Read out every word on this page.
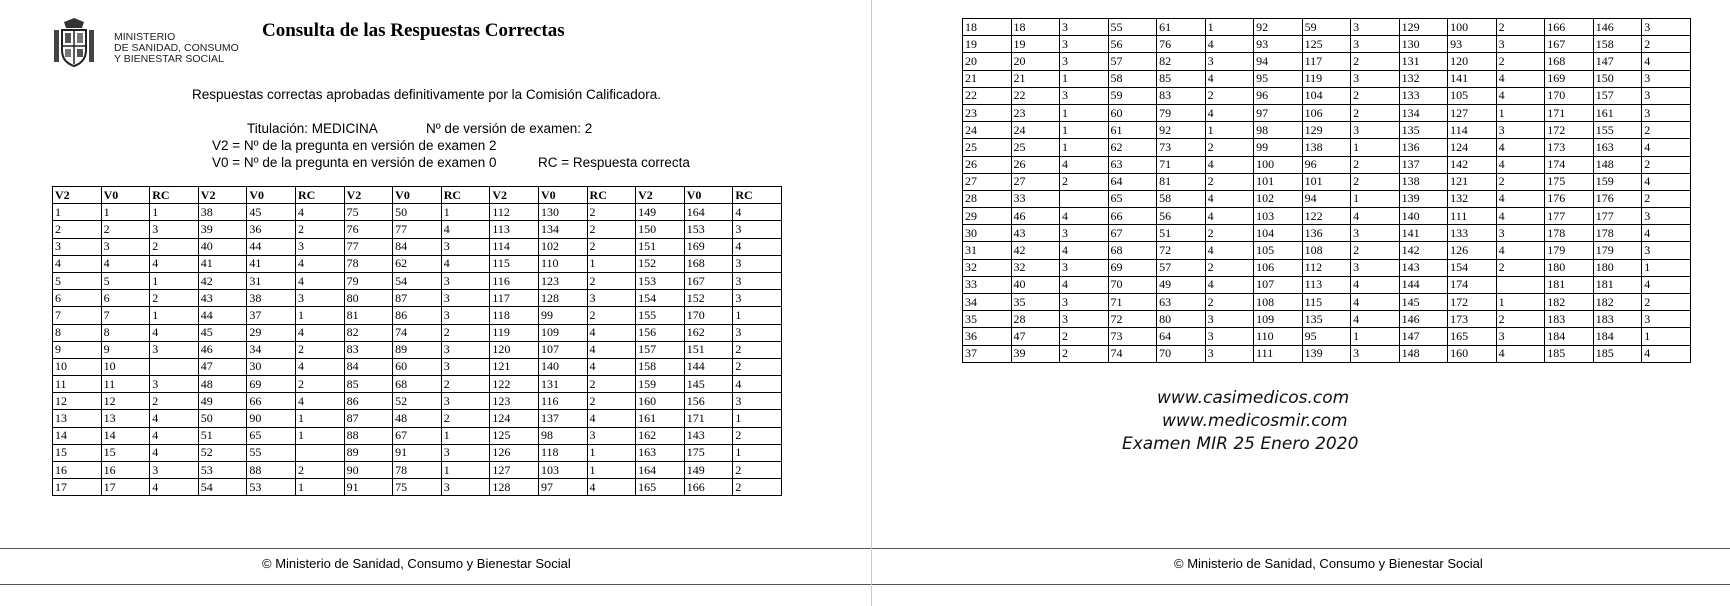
MINISTERIO
DE SANIDAD, CONSUMO
Y BIENESTAR SOCIAL
Consulta de las Respuestas Correctas
Respuestas correctas aprobadas definitivamente por la Comisión Calificadora.
Titulación: MEDICINA	Nº de versión de examen: 2
V2 = Nº de la pregunta en versión de examen 2
V0 = Nº de la pregunta en versión de examen 0	RC = Respuesta correcta
V2	V0	RC	V2	V0	RC	V2	V0	RC	V2	V0	RC	V2	V0	RC
1	1	1	38	45	4	75	50	1	112	130	2	149	164	4
2	2	3	39	36	2	76	77	4	113	134	2	150	153	3
3	3	2	40	44	3	77	84	3	114	102	2	151	169	4
4	4	4	41	41	4	78	62	4	115	110	1	152	168	3
5	5	1	42	31	4	79	54	3	116	123	2	153	167	3
6	6	2	43	38	3	80	87	3	117	128	3	154	152	3
7	7	1	44	37	1	81	86	3	118	99	2	155	170	1
8	8	4	45	29	4	82	74	2	119	109	4	156	162	3
9	9	3	46	34	2	83	89	3	120	107	4	157	151	2
10	10		47	30	4	84	60	3	121	140	4	158	144	2
11	11	3	48	69	2	85	68	2	122	131	2	159	145	4
12	12	2	49	66	4	86	52	3	123	116	2	160	156	3
13	13	4	50	90	1	87	48	2	124	137	4	161	171	1
14	14	4	51	65	1	88	67	1	125	98	3	162	143	2
15	15	4	52	55		89	91	3	126	118	1	163	175	1
16	16	3	53	88	2	90	78	1	127	103	1	164	149	2
17	17	4	54	53	1	91	75	3	128	97	4	165	166	2
© Ministerio de Sanidad, Consumo y Bienestar Social
18	18	3	55	61	1	92	59	3	129	100	2	166	146	3
19	19	3	56	76	4	93	125	3	130	93	3	167	158	2
20	20	3	57	82	3	94	117	2	131	120	2	168	147	4
21	21	1	58	85	4	95	119	3	132	141	4	169	150	3
22	22	3	59	83	2	96	104	2	133	105	4	170	157	3
23	23	1	60	79	4	97	106	2	134	127	1	171	161	3
24	24	1	61	92	1	98	129	3	135	114	3	172	155	2
25	25	1	62	73	2	99	138	1	136	124	4	173	163	4
26	26	4	63	71	4	100	96	2	137	142	4	174	148	2
27	27	2	64	81	2	101	101	2	138	121	2	175	159	4
28	33		65	58	4	102	94	1	139	132	4	176	176	2
29	46	4	66	56	4	103	122	4	140	111	4	177	177	3
30	43	3	67	51	2	104	136	3	141	133	3	178	178	4
31	42	4	68	72	4	105	108	2	142	126	4	179	179	3
32	32	3	69	57	2	106	112	3	143	154	2	180	180	1
33	40	4	70	49	4	107	113	4	144	174		181	181	4
34	35	3	71	63	2	108	115	4	145	172	1	182	182	2
35	28	3	72	80	3	109	135	4	146	173	2	183	183	3
36	47	2	73	64	3	110	95	1	147	165	3	184	184	1
37	39	2	74	70	3	111	139	3	148	160	4	185	185	4
www.casimedicos.com
www.medicosmir.com
Examen MIR 25 Enero 2020
© Ministerio de Sanidad, Consumo y Bienestar Social
